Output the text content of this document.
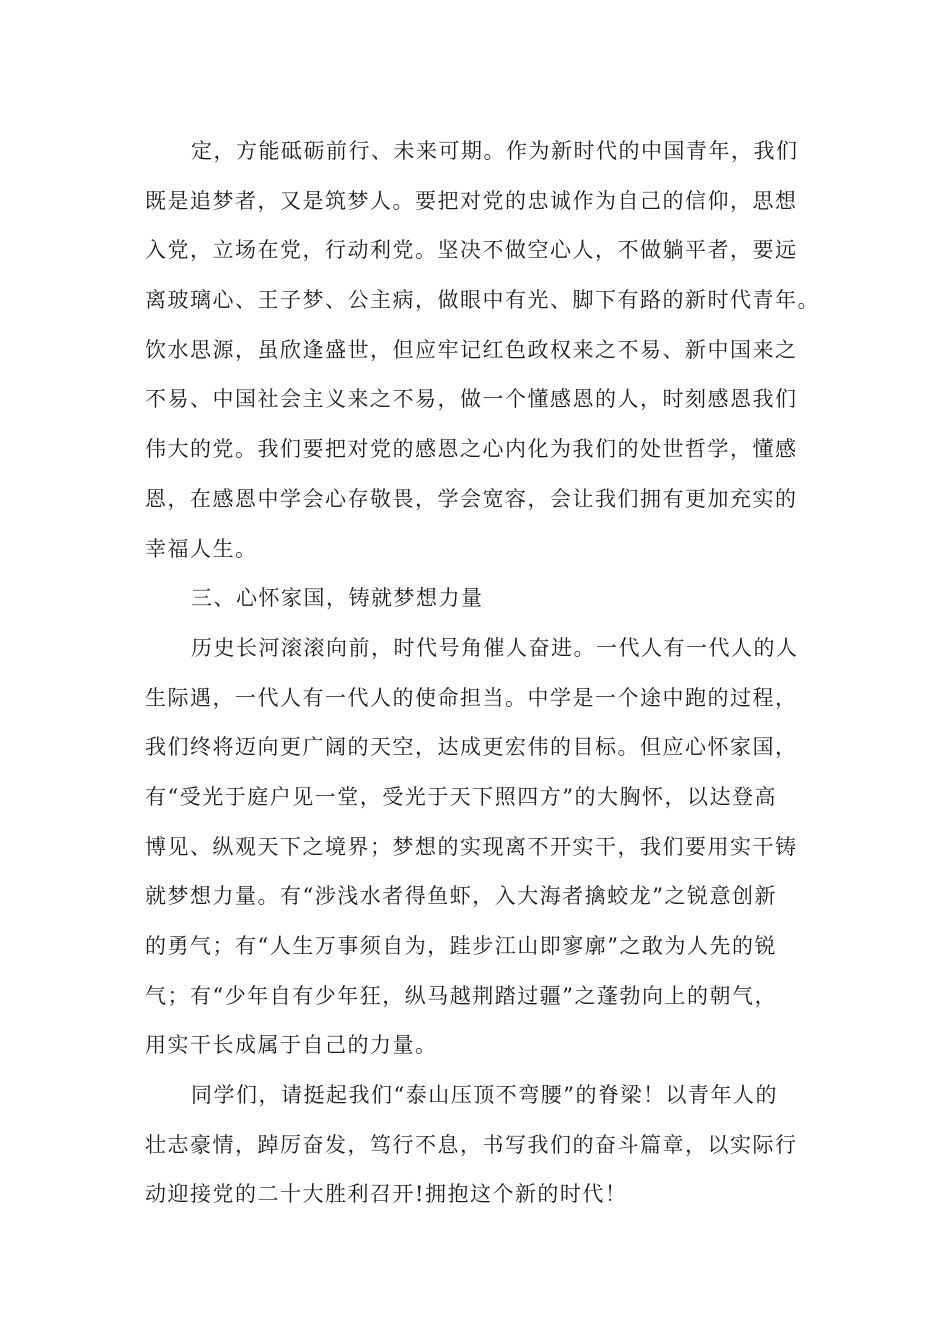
定，方能砥砺前行、未来可期。作为新时代的中国青年，我们
既是追梦者，又是筑梦人。要把对党的忠诚作为自己的信仰，思想
入党，立场在党，行动利党。坚决不做空心人，不做躺平者，要远
离玻璃心、王子梦、公主病，做眼中有光、脚下有路的新时代青年。
饮水思源，虽欣逢盛世，但应牢记红色政权来之不易、新中国来之
不易、中国社会主义来之不易，做一个懂感恩的人，时刻感恩我们
伟大的党。我们要把对党的感恩之心内化为我们的处世哲学，懂感
恩，在感恩中学会心存敬畏，学会宽容，会让我们拥有更加充实的
幸福人生。
三、心怀家国，铸就梦想力量
历史长河滚滚向前，时代号角催人奋进。一代人有一代人的人
生际遇，一代人有一代人的使命担当。中学是一个途中跑的过程，
我们终将迈向更广阔的天空，达成更宏伟的目标。但应心怀家国，
有“受光于庭户见一堂，受光于天下照四方”的大胸怀，以达登高
博见、纵观天下之境界；梦想的实现离不开实干，我们要用实干铸
就梦想力量。有“涉浅水者得鱼虾，入大海者擒蛟龙”之锐意创新
的勇气；有“人生万事须自为，跬步江山即寥廓”之敢为人先的锐
气；有“少年自有少年狂，纵马越荆踏过疆”之蓬勃向上的朝气，
用实干长成属于自己的力量。
同学们，请挺起我们“泰山压顶不弯腰”的脊梁！以青年人的
壮志豪情，踔厉奋发，笃行不息，书写我们的奋斗篇章，以实际行
动迎接党的二十大胜利召开!拥抱这个新的时代！
